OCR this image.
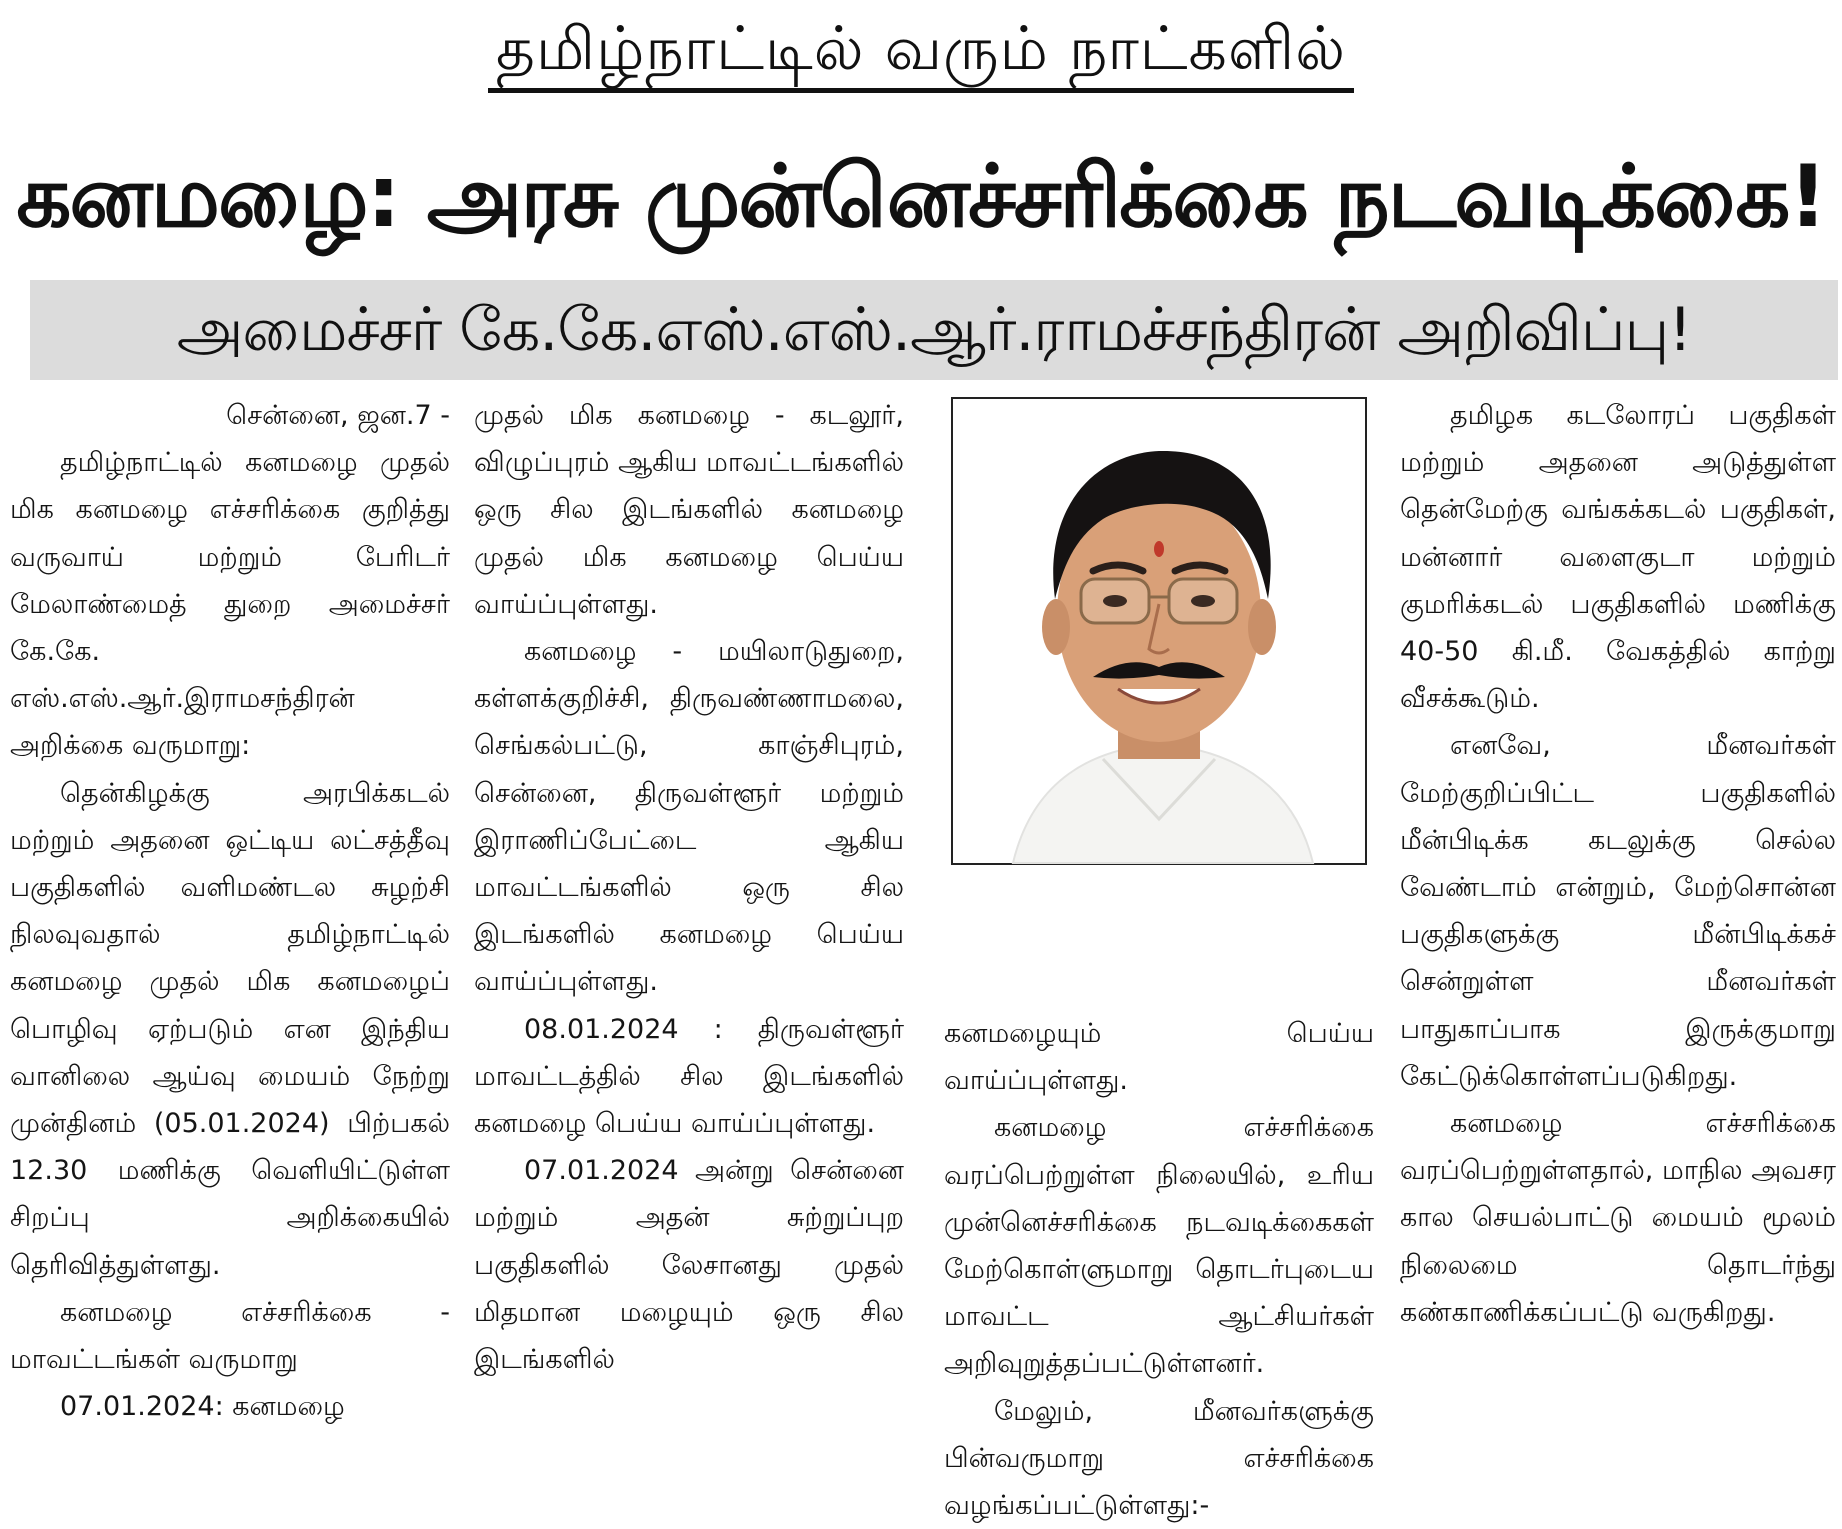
தமிழ்நாட்டில் வரும் நாட்களில்
கனமழை: அரசு முன்னெச்சரிக்கை நடவடிக்கை!
அமைச்சர் கே.கே.எஸ்.எஸ்.ஆர்.ராமச்சந்திரன் அறிவிப்பு!

சென்னை, ஜன.7 -

தமிழ்நாட்டில் கனமழை முதல் மிக கனமழை எச்சரிக்கை குறித்து வருவாய் மற்றும் பேரிடர் மேலாண்மைத் துறை அமைச்சர் கே.கே. எஸ்.எஸ்.ஆர்.இராமசந்திரன் அறிக்கை வருமாறு:

தென்கிழக்கு அரபிக்கடல் மற்றும் அதனை ஒட்டிய லட்சத்தீவு பகுதிகளில் வளிமண்டல சுழற்சி நிலவுவதால் தமிழ்நாட்டில் கனமழை முதல் மிக கனமழைப் பொழிவு ஏற்படும் என இந்திய வானிலை ஆய்வு மையம் நேற்று முன்தினம் (05.01.2024) பிற்பகல் 12.30 மணிக்கு வெளியிட்டுள்ள சிறப்பு அறிக்கையில் தெரிவித்துள்ளது.

கனமழை எச்சரிக்கை - மாவட்டங்கள் வருமாறு

07.01.2024: கனமழை

முதல் மிக கனமழை - கடலூர், விழுப்புரம் ஆகிய மாவட்டங்களில் ஒரு சில இடங்களில் கனமழை முதல் மிக கனமழை பெய்ய வாய்ப்புள்ளது.

கனமழை - மயிலாடுதுறை, கள்ளக்குறிச்சி, திருவண்ணாமலை, செங்கல்பட்டு, காஞ்சிபுரம், சென்னை, திருவள்ளூர் மற்றும் இராணிப்பேட்டை ஆகிய மாவட்டங்களில் ஒரு சில இடங்களில் கனமழை பெய்ய வாய்ப்புள்ளது.

08.01.2024 : திருவள்ளூர் மாவட்டத்தில் சில இடங்களில் கனமழை பெய்ய வாய்ப்புள்ளது.

07.01.2024 அன்று சென்னை மற்றும் அதன் சுற்றுப்புற பகுதிகளில் லேசானது முதல் மிதமான மழையும் ஒரு சில இடங்களில்

கனமழையும் பெய்ய வாய்ப்புள்ளது.

கனமழை எச்சரிக்கை வரப்பெற்றுள்ள நிலையில், உரிய முன்னெச்சரிக்கை நடவடிக்கைகள் மேற்கொள்ளுமாறு தொடர்புடைய மாவட்ட ஆட்சியர்கள் அறிவுறுத்தப்பட்டுள்ளனர்.

மேலும், மீனவர்களுக்கு பின்வருமாறு எச்சரிக்கை வழங்கப்பட்டுள்ளது:-

தமிழக கடலோரப் பகுதிகள் மற்றும் அதனை அடுத்துள்ள தென்மேற்கு வங்கக்கடல் பகுதிகள், மன்னார் வளைகுடா மற்றும் குமரிக்கடல் பகுதிகளில் மணிக்கு 40-50 கி.மீ. வேகத்தில் காற்று வீசக்கூடும்.

எனவே, மீனவர்கள் மேற்குறிப்பிட்ட பகுதிகளில் மீன்பிடிக்க கடலுக்கு செல்ல வேண்டாம் என்றும், மேற்சொன்ன பகுதிகளுக்கு மீன்பிடிக்கச் சென்றுள்ள மீனவர்கள் பாதுகாப்பாக இருக்குமாறு கேட்டுக்கொள்ளப்படுகிறது.

கனமழை எச்சரிக்கை வரப்பெற்றுள்ளதால், மாநில அவசர கால செயல்பாட்டு மையம் மூலம் நிலைமை தொடர்ந்து கண்காணிக்கப்பட்டு வருகிறது.
